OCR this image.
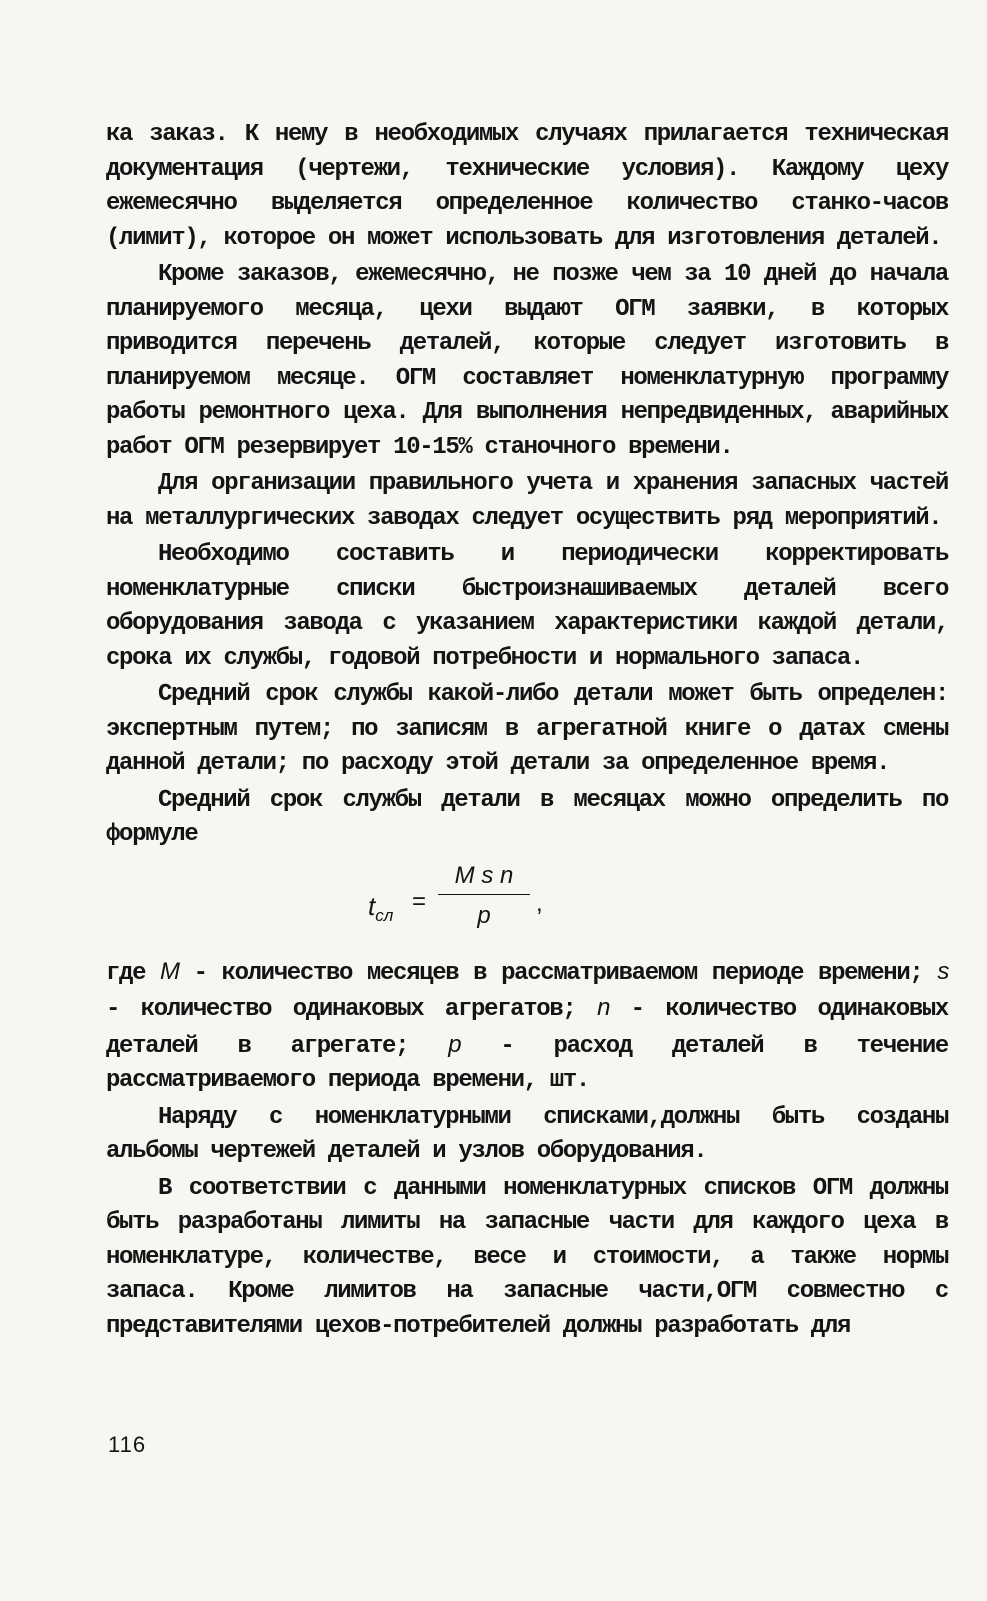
ка заказ. К нему в необходимых случаях прилагается техническая документация (чертежи, технические условия). Каждому цеху ежемесячно выделяется определенное количество станко-часов (лимит), которое он может использовать для изготовления деталей.

Кроме заказов, ежемесячно, не позже чем за 10 дней до начала планируемого месяца, цехи выдают ОГМ заявки, в которых приводится перечень деталей, которые следует изготовить в планируемом месяце. ОГМ составляет номенклатурную программу работы ремонтного цеха. Для выполнения непредвиденных, аварийных работ ОГМ резервирует 10-15% станочного времени.

Для организации правильного учета и хранения запасных частей на металлургических заводах следует осуществить ряд мероприятий.

Необходимо составить и периодически корректировать номенклатурные списки быстроизнашиваемых деталей всего оборудования завода с указанием характеристики каждой детали, срока их службы, годовой потребности и нормального запаса.

Средний срок службы какой-либо детали может быть определен: экспертным путем; по записям в агрегатной книге о датах смены данной детали; по расходу этой детали за определенное время.

Средний срок службы детали в месяцах можно определить по формуле

$t_{сл}$
=
M s n
p	,

где M - количество месяцев в рассматриваемом периоде времени; s - количество одинаковых агрегатов; n - количество одинаковых деталей в агрегате; p - расход деталей в течение рассматриваемого периода времени, шт.

Наряду с номенклатурными списками,должны быть созданы альбомы чертежей деталей и узлов оборудования.

В соответствии с данными номенклатурных списков ОГМ должны быть разработаны лимиты на запасные части для каждого цеха в номенклатуре, количестве, весе и стоимости, а также нормы запаса. Кроме лимитов на запасные части,ОГМ совместно с представителями цехов-потребителей должны разработать для

116
